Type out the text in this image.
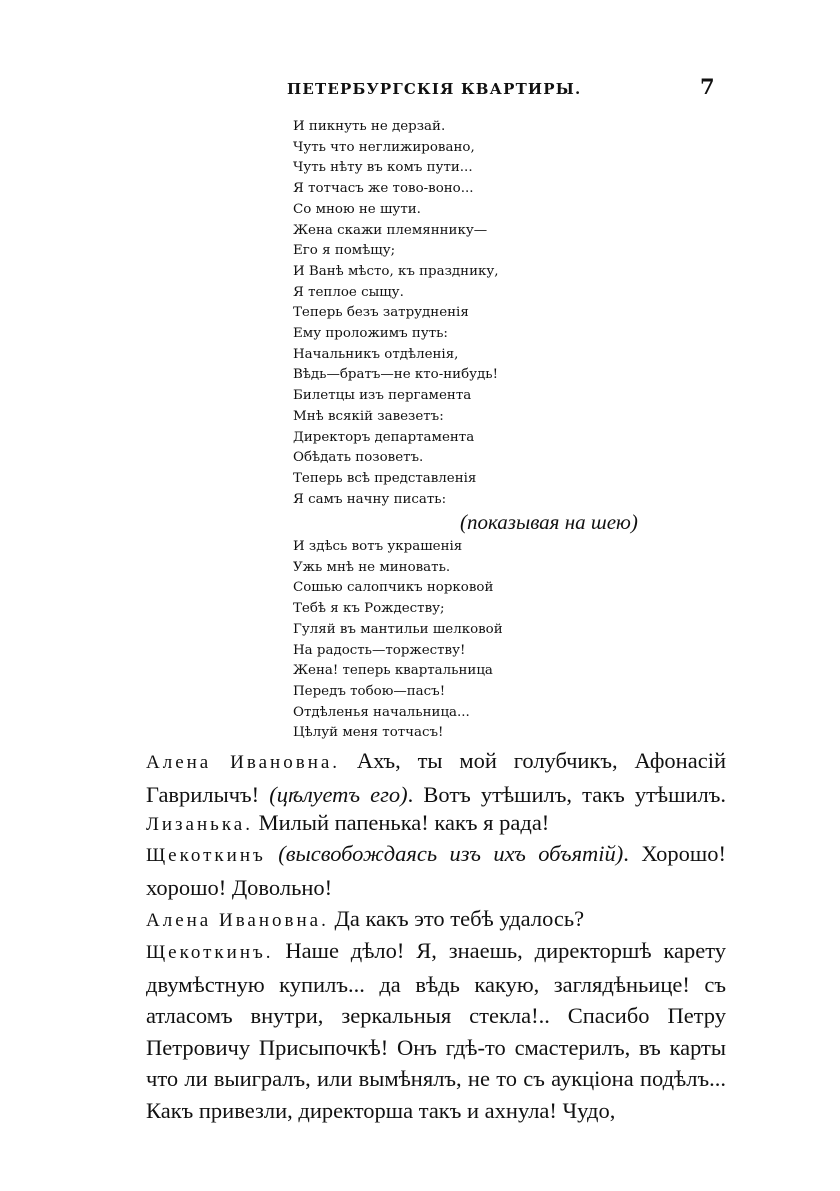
ПЕТЕРБУРГСКІЯ КВАРТИРЫ.	7
И пикнуть не дерзай.
Чуть что неглижировано,
Чуть нѣту въ комъ пути...
Я тотчасъ же тово-воно...
Со мною не шути.
Жена скажи племяннику—
Его я помѣщу;
И Ванѣ мѣсто, къ празднику,
Я теплое сыщу.
Теперь безъ затрудненія
Ему проложимъ путь:
Начальникъ отдѣленія,
Вѣдь—братъ—не кто-нибудь!
Билетцы изъ пергамента
Мнѣ всякій завезетъ:
Директоръ департамента
Обѣдать позоветъ.
Теперь всѣ представленія
Я самъ начну писать:
(показывая на шею)
И здѣсь вотъ украшенія
Ужь мнѣ не миновать.
Сошью салопчикъ норковой
Тебѣ я къ Рождеству;
Гуляй въ мантильи шелковой
На радость—торжеству!
Жена! теперь квартальница
Передъ тобою—пасъ!
Отдѣленья начальница...
Цѣлуй меня тотчасъ!
Алена Ивановна. Ахъ, ты мой голубчикъ, Афонасій Гаврилычъ! (цѣлуетъ его). Вотъ утѣшилъ, такъ утѣшилъ.
Лизанька. Милый папенька! какъ я рада!
Щекоткинъ (высвобождаясь изъ ихъ объятій). Хорошо! хорошо! Довольно!
Алена Ивановна. Да какъ это тебѣ удалось?
Щекоткинъ. Наше дѣло! Я, знаешь, директоршѣ карету двумѣстную купилъ... да вѣдь какую, заглядѣньице! съ атласомъ внутри, зеркальныя стекла!.. Спасибо Петру Петровичу Присыпочкѣ! Онъ гдѣ-то смастерилъ, въ карты что ли выигралъ, или вымѣнялъ, не то съ аукціона подѣлъ... Какъ привезли, директорша такъ и ахнула! Чудо,
